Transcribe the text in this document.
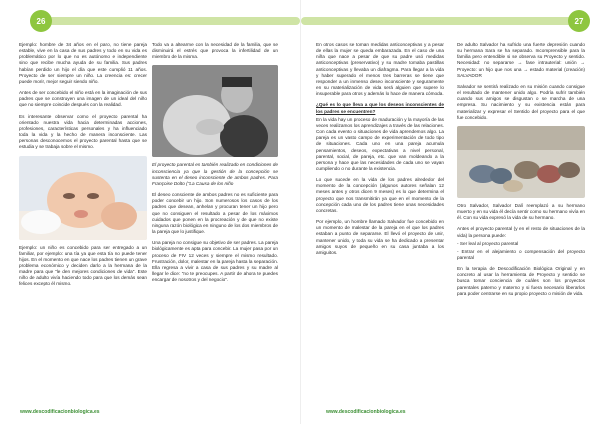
26

Ejemplo: hombre de 34 años en el paro, no tiene pareja estable, vive en la casa de sus padres y todo en su vida es problemático por lo que no es autónomo e independiente sino que recibe mucha ayuda de su familia. Sus padres habían perdido un hijo el día que este cumplió 11 años. Proyecto de ser siempre un niño. La creencia es: crecer puede morir, mejor seguir siendo niño.

Antes de ser concebido el niño está en la imaginación de sus padres que se construyen una imagen de un ideal del niño que no siempre coincide después con la realidad.

Es interesante observar como el proyecto parental ha orientado nuestra vida hacia determinadas acciones, profesiones, características personales y ha influenciado toda la vida y la hecho de manera inconsciente. Las personas desconocemos el proyecto parental hasta que se estudia y se trabaja sobre el mismo.

Ejemplo: un niño es concebido para ser entregado a un familiar, por ejemplo: una tía ya que esta tía no puede tener hijos. En el momento en que nace los padres tienen un grave problema económico y deciden darlo a la hermana de la madre para que "le den mejores condiciones de vida". Este niño de adulto vivía haciendo todo para que los demás sean felices excepto él mismo.

Todo va a altearme con la necesidad de la familia, que se disminuirá el estrés que provoca la infertilidad de un miembro de la misma.

El proyecto parental es también realizado en condiciones de inconsciencia ya que la gestión de la concepción se sustenta en el deseo inconsciente de ambos padres. Para Françoise Dolto ("La Causa de los niño

El deseo consciente de ambos padres no es suficiente para poder concebir un hijo. Son numerosos los casos de los padres que desean, anhelan y procuran tener un hijo pero que no consiguen el resultado a pesar de los máximos cuidados que ponen en la procreación y de que no existe ninguna razón biológica en ninguno de los dos miembros de la pareja que lo justifique.

Una pareja no consigue su objetivo de ser padres. La pareja biológicamente es apta para concebir. La mujer pasa por un proceso de FIV 12 veces y siempre el mismo resultado. Frustración, dolor, malestar en la pareja hasta la separación. Ella regresa a vivir a casa de sus padres y su madre al llegar le dice: "no te preocupes. A partir de ahora te puedes encargar de nosotros y del negocio".

www.descodificacionbiologica.es
27

En otros casos se toman medidas anticonceptivas y a pesar de ellas la mujer se queda embarazada. En el caso de una niña que nace a pesar de que su padre usó medidas anticonceptivas (preservativo) y su madre tomaba pastillas anticonceptivas y llevaba un diafragma. Para llegar a la vida y haber superado el menos tres barreras se tiene que responder a un inmenso deseo inconsciente y seguramente en su materialización de vida será alguien que supere lo insuperable para otros y además lo hace de manera cómoda.

¿Qué es lo que lleva a que los deseos inconscientes de los padres se encuentren?

En la vida hay un proceso de maduración y la mayoría de las veces realizamos los aprendizajes a través de las relaciones. Con cada evento o situaciones de vida aprendemos algo. La pareja es un vasto campo de experimentación de todo tipo de situaciones. Cada uno en una pareja acumula pensamientos, deseos, expectativas a nivel personal, parental, social, de pareja, etc. que van moldeando a la persona y hace que las necesidades de cada uno se vayan cumpliendo o no durante la existencia.

Lo que sucede en la vida de los padres alrededor del momento de la concepción (algunos autores señalan 12 meses antes y otros dicen 9 meses) es lo que determina el proyecto que nos transmitirán ya que en el momento de la concepción cada uno de los padres tiene unas necesidades concretas.

Por ejemplo, un hombre llamado Salvador fue concebido en un momento de malestar de la pareja en el que los padres estaban a punto de separarse. El llevó el proyecto de unir, mantener unido, y toda su vida se ha dedicado a presentar amigos suyos de pequeño en su casa juntaba a los amiguitos.

De adulto Salvador ha sufrido una fuerte depresión cuando su hermana Sara se ha separado. Incomprensible para la familia pero entendible si se observa su Proyecto y sentido. Necesidad: no separarse → fase intrauterial: unión → Proyecto: un hijo que nos una → estado material (creación) SALVADOR

Salvador se sentirá realizado en su misión cuando consigue el resultado de mantener unido algo. Podría sufrir también cuando sus amigos se disgustan o se marcha de una empresa. Su nacimiento y su existencia están para materializar y expresar el Sentido del proyecto para el que fue concebido.

Otro Salvador, Salvador Dalí reemplazó a su hermano muerto y en su vida él decía sentir como su hermano vivía en él. Con su vida expresó la vida de su hermano.

Antes el proyecto parental (y en el resto de situaciones de la vida) la persona puede:

- Ser leal al proyecto parental

- Entrar en el alejamiento o compensación del proyecto parental

En la terapia de Descodificación Biológica Original y en concreto al usar la herramienta de Proyecto y sentido se busca tomar conciencia de cuáles son los proyectos parentales paterno y materno y si fuera necesario liberarlos para poder centrarse en su propio proyecto o misión de vida.

www.descodificacionbiologica.es
